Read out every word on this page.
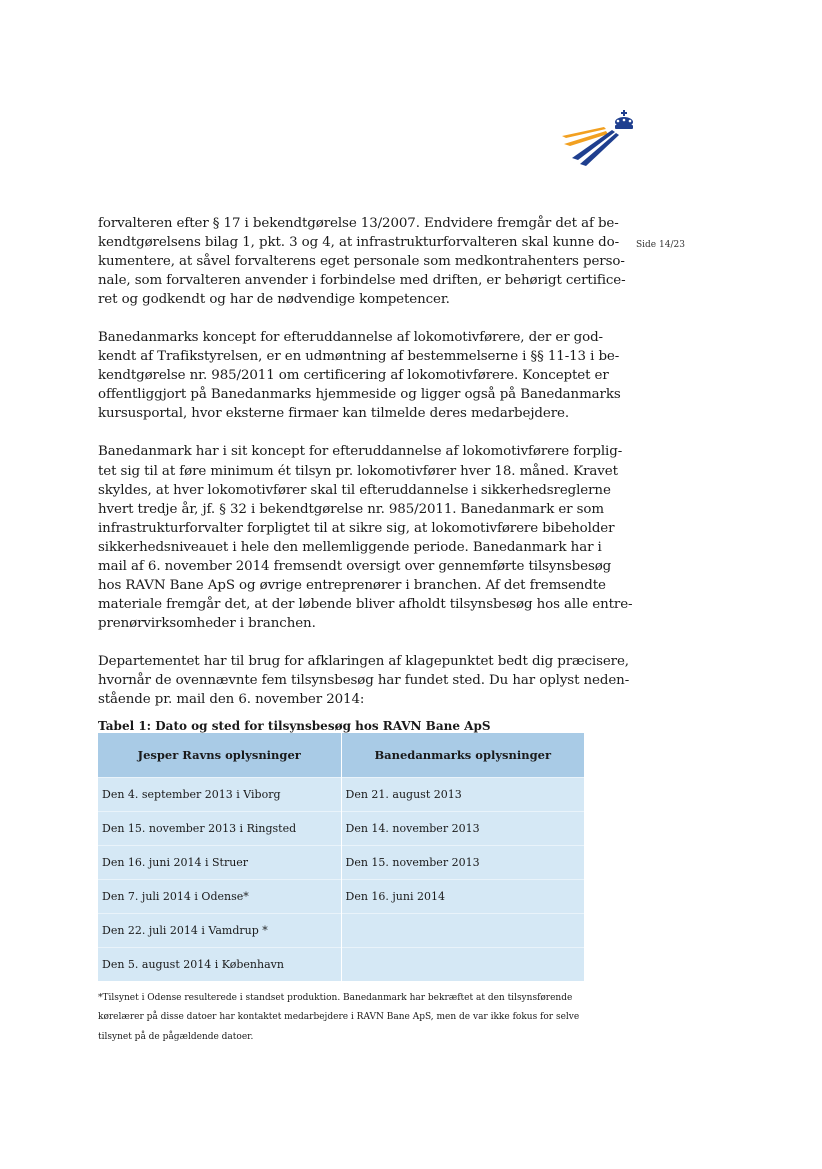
Side 14/23

forvalteren efter § 17 i bekendtgørelse 13/2007. Endvidere fremgår det af be-
kendtgørelsens bilag 1, pkt. 3 og 4, at infrastrukturforvalteren skal kunne do-
kumentere, at såvel forvalterens eget personale som medkontrahenters perso-
nale, som forvalteren anvender i forbindelse med driften, er behørigt certifice-
ret og godkendt og har de nødvendige kompetencer.

Banedanmarks koncept for efteruddannelse af lokomotivførere, der er god-
kendt af Trafikstyrelsen, er en udmøntning af bestemmelserne i §§ 11-13 i be-
kendtgørelse nr. 985/2011 om certificering af lokomotivførere. Konceptet er
offentliggjort på Banedanmarks hjemmeside og ligger også på Banedanmarks
kursusportal, hvor eksterne firmaer kan tilmelde deres medarbejdere.

Banedanmark har i sit koncept for efteruddannelse af lokomotivførere forplig-
tet sig til at føre minimum ét tilsyn pr. lokomotivfører hver 18. måned. Kravet
skyldes, at hver lokomotivfører skal til efteruddannelse i sikkerhedsreglerne
hvert tredje år, jf. § 32 i bekendtgørelse nr. 985/2011. Banedanmark er som
infrastrukturforvalter forpligtet til at sikre sig, at lokomotivførere bibeholder
sikkerhedsniveauet i hele den mellemliggende periode. Banedanmark har i
mail af 6. november 2014 fremsendt oversigt over gennemførte tilsynsbesøg
hos RAVN Bane ApS og øvrige entreprenører i branchen. Af det fremsendte
materiale fremgår det, at der løbende bliver afholdt tilsynsbesøg hos alle entre-
prenørvirksomheder i branchen.

Departementet har til brug for afklaringen af klagepunktet bedt dig præcisere,
hvornår de ovennævnte fem tilsynsbesøg har fundet sted. Du har oplyst neden-
stående pr. mail den 6. november 2014:

Tabel 1: Dato og sted for tilsynsbesøg hos RAVN Bane ApS
Jesper Ravns oplysninger	Banedanmarks oplysninger
Den 4. september 2013 i Viborg	Den 21. august 2013
Den 15. november 2013 i Ringsted	Den 14. november 2013
Den 16. juni 2014 i Struer	Den 15. november 2013
Den 7. juli 2014 i Odense*	Den 16. juni 2014
Den 22. juli 2014 i Vamdrup *	
Den 5. august 2014 i København	
*Tilsynet i Odense resulterede i standset produktion. Banedanmark har bekræftet at den tilsynsførende
kørelærer på disse datoer har kontaktet medarbejdere i RAVN Bane ApS, men de var ikke fokus for selve
tilsynet på de pågældende datoer.
